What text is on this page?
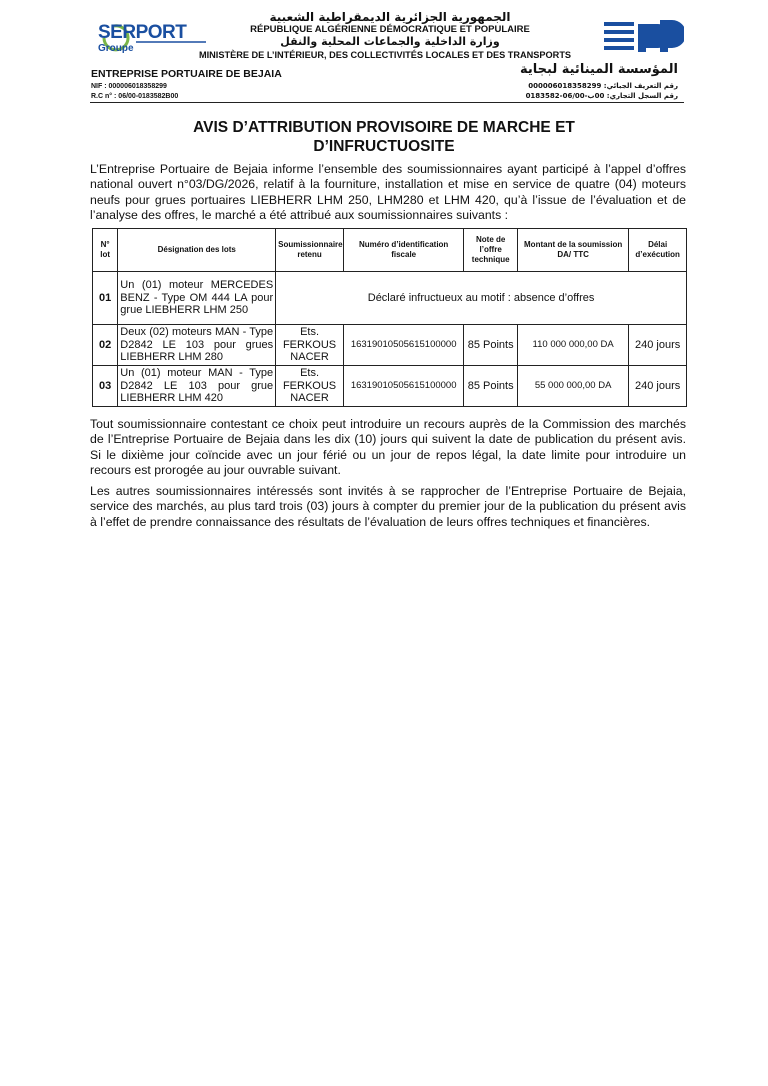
SERPORT
Groupe
الجمهورية الجزائرية الديمقراطية الشعبية
RÉPUBLIQUE ALGÉRIENNE DÉMOCRATIQUE ET POPULAIRE
وزارة الداخلية والجماعات المحلية والنقل
MINISTÈRE DE L’INTÉRIEUR, DES COLLECTIVITÉS LOCALES ET DES TRANSPORTS
ENTREPRISE PORTUAIRE DE BEJAIA
NIF : 000006018358299
R.C n° : 06/00-0183582B00
المؤسسة المينائية لبجاية
رقم التعريف الجبائي: 000006018358299
رقم السجل التجاري: 00ب-06/00-0183582
AVIS D’ATTRIBUTION PROVISOIRE DE MARCHE ET
D’INFRUCTUOSITE
L’Entreprise Portuaire de Bejaia informe l’ensemble des soumissionnaires ayant participé à l’appel d’offres national ouvert n°03/DG/2026, relatif à la fourniture, installation et mise en service de quatre (04) moteurs neufs pour grues portuaires LIEBHERR LHM 250, LHM280 et LHM 420, qu’à l’issue de l’évaluation et de l’analyse des offres, le marché a été attribué aux soumissionnaires suivants :
N° lot	Désignation des lots	Soumissionnaire retenu	Numéro d’identification fiscale	Note de l’offre technique	Montant de la soumission DA/ TTC	Délai d’exécution
01	Un (01) moteur MERCEDES BENZ - Type OM 444 LA pour grue LIEBHERR LHM 250	Déclaré infructueux au motif : absence d’offres				
02	Deux (02) moteurs MAN - Type D2842 LE 103 pour grues LIEBHERR LHM 280	Ets. FERKOUS NACER	16319010505615100000	85 Points	110 000 000,00 DA	240 jours
03	Un (01) moteur MAN - Type D2842 LE 103 pour grue LIEBHERR LHM 420	Ets. FERKOUS NACER	16319010505615100000	85 Points	55 000 000,00 DA	240 jours
Tout soumissionnaire contestant ce choix peut introduire un recours auprès de la Commission des marchés de l’Entreprise Portuaire de Bejaia dans les dix (10) jours qui suivent la date de publication du présent avis. Si le dixième jour coïncide avec un jour férié ou un jour de repos légal, la date limite pour introduire un recours est prorogée au jour ouvrable suivant.
Les autres soumissionnaires intéressés sont invités à se rapprocher de l’Entreprise Portuaire de Bejaia, service des marchés, au plus tard trois (03) jours à compter du premier jour de la publication du présent avis à l’effet de prendre connaissance des résultats de l’évaluation de leurs offres techniques et financières.
